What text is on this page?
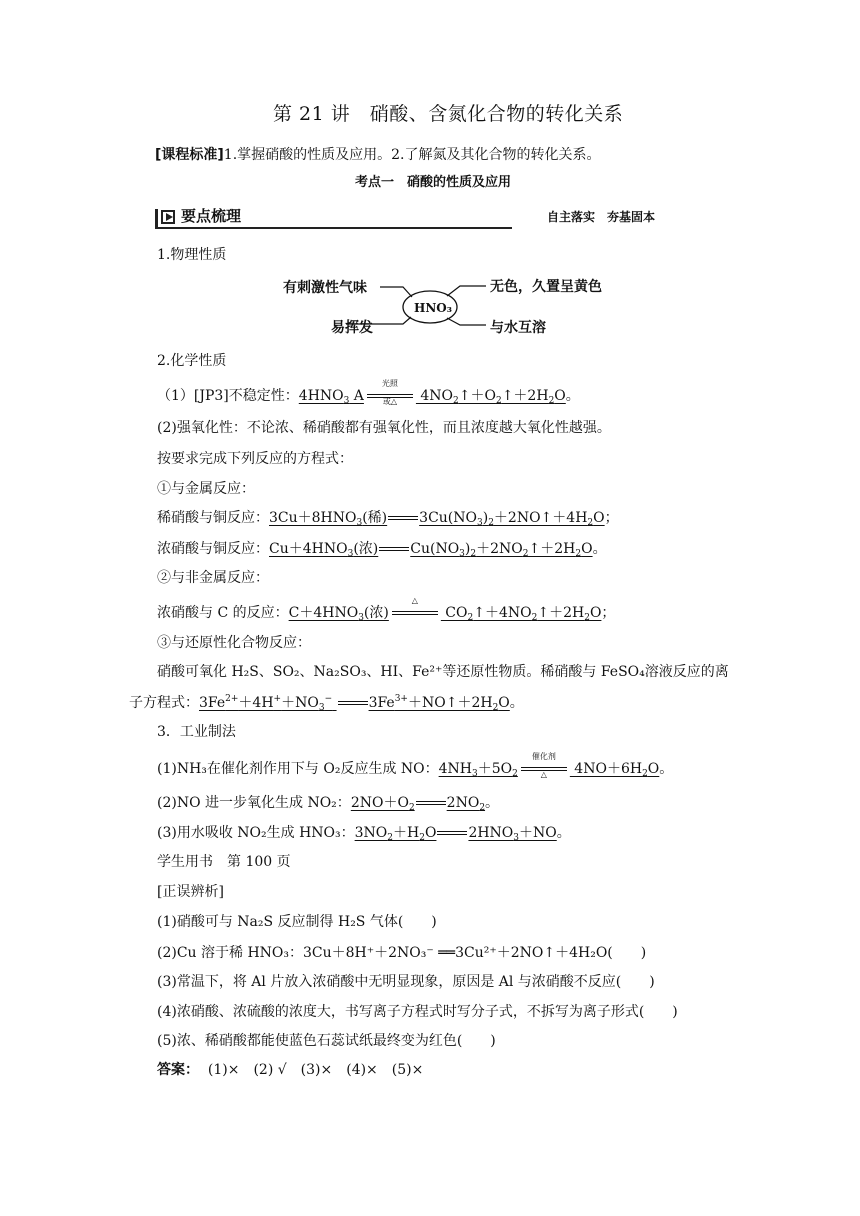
第 21 讲　硝酸、含氮化合物的转化关系
[课程标准]1.掌握硝酸的性质及应用。2.了解氮及其化合物的转化关系。
考点一　硝酸的性质及应用
要点梳理	自主落实　夯基固本
1.物理性质
HNO₃
有刺激性气味	无色，久置呈黄色
易挥发	与水互溶
2.化学性质
（1）[JP3]不稳定性：$4HNO_3$ A
光照
或△	$4NO_2↑+O_2↑+2H_2O$。
(2)强氧化性：不论浓、稀硝酸都有强氧化性，而且浓度越大氧化性越强。
按要求完成下列反应的方程式：
①与金属反应：
稀硝酸与铜反应：$3Cu+8HNO_3$(稀) $3Cu(NO_3)_2+2NO↑+4H_2O$；
浓硝酸与铜反应：$Cu+4HNO_3$(浓) $Cu(NO_3)_2+2NO_2↑+2H_2O$。
②与非金属反应：
浓硝酸与 C 的反应：$C+4HNO_3$(浓)
△
$CO_2↑+4NO_2↑+2H_2O$；
③与还原性化合物反应：
硝酸可氧化 H₂S、SO₂、Na₂SO₃、HI、Fe²⁺等还原性物质。稀硝酸与 FeSO₄溶液反应的离
子方程式：$3Fe^{2+}+4H^++NO_3^-$	$3Fe^{3+}+NO↑+2H_2O$。
3．工业制法
(1)NH₃在催化剂作用下与 O₂反应生成 NO：$4NH_3+5O_2$
催化剂
△	$4NO+6H_2O$。
(2)NO 进一步氧化生成 NO₂：$2NO+O_2$ $2NO_2$。
(3)用水吸收 NO₂生成 HNO₃：$3NO_2+H_2O$ $2HNO_3+NO$。
学生用书　第 100 页
[正误辨析]
(1)硝酸可与 Na₂S 反应制得 H₂S 气体(　　)
(2)Cu 溶于稀 HNO₃：3Cu＋8H⁺＋2NO₃⁻ ══3Cu²⁺＋2NO↑＋4H₂O(　　)
(3)常温下，将 Al 片放入浓硝酸中无明显现象，原因是 Al 与浓硝酸不反应(　　)
(4)浓硝酸、浓硫酸的浓度大，书写离子方程式时写分子式，不拆写为离子形式(　　)
(5)浓、稀硝酸都能使蓝色石蕊试纸最终变为红色(　　)
答案： (1)×　(2) √　(3)×　(4)×　(5)×
